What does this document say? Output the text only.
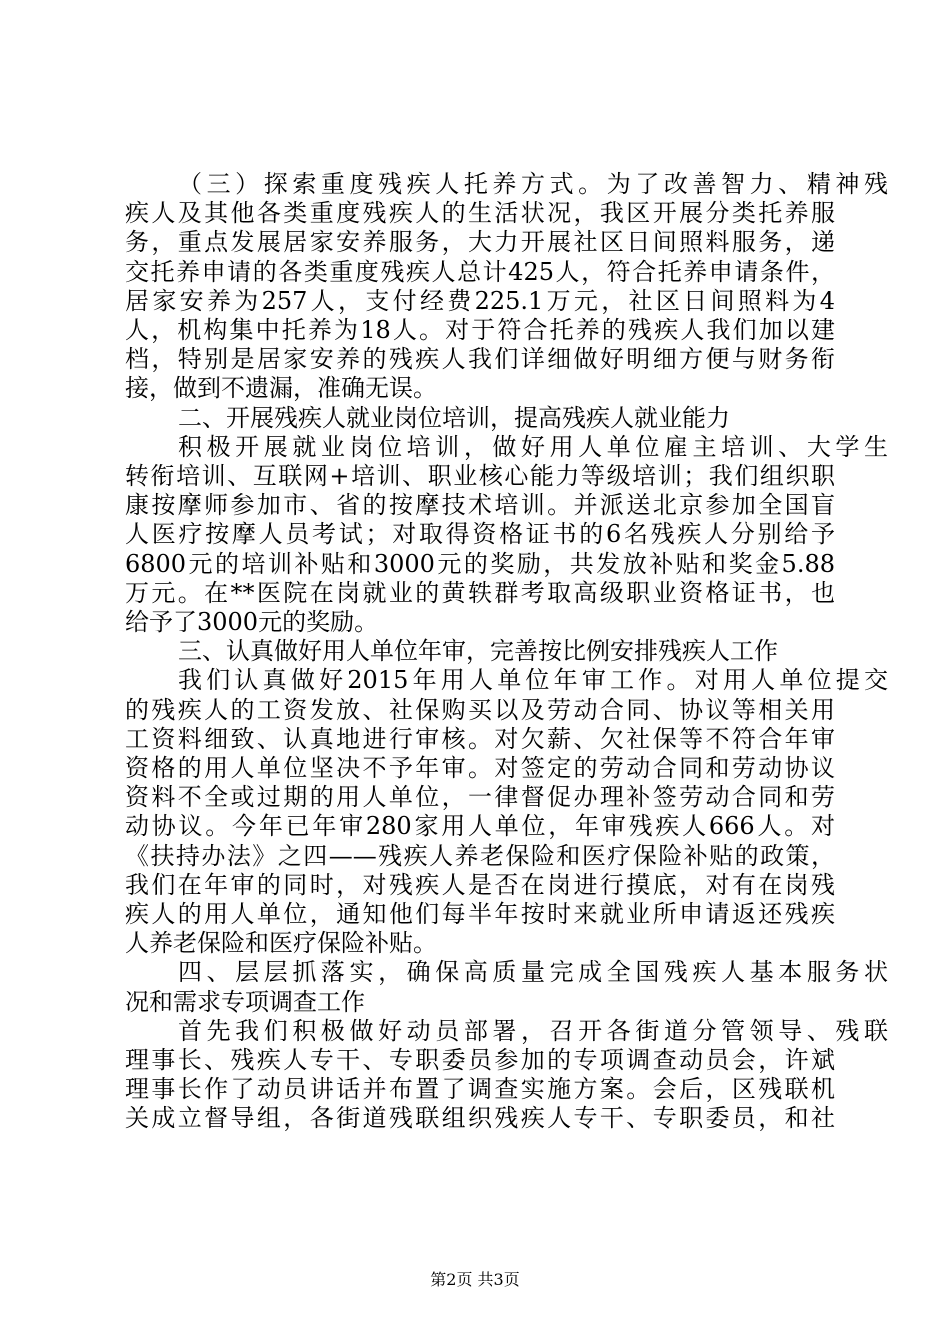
（三）探索重度残疾人托养方式。为了改善智力、精神残
疾人及其他各类重度残疾人的生活状况，我区开展分类托养服
务，重点发展居家安养服务，大力开展社区日间照料服务，递
交托养申请的各类重度残疾人总计425人，符合托养申请条件，
居家安养为257人，支付经费225.1万元，社区日间照料为4
人，机构集中托养为18人。对于符合托养的残疾人我们加以建
档，特别是居家安养的残疾人我们详细做好明细方便与财务衔
接，做到不遗漏，准确无误。
二、开展残疾人就业岗位培训，提高残疾人就业能力
积极开展就业岗位培训，做好用人单位雇主培训、大学生
转衔培训、互联网+培训、职业核心能力等级培训；我们组织职
康按摩师参加市、省的按摩技术培训。并派送北京参加全国盲
人医疗按摩人员考试；对取得资格证书的6名残疾人分别给予
6800元的培训补贴和3000元的奖励，共发放补贴和奖金5.88
万元。在**医院在岗就业的黄轶群考取高级职业资格证书，也
给予了3000元的奖励。
三、认真做好用人单位年审，完善按比例安排残疾人工作
我们认真做好2015年用人单位年审工作。对用人单位提交
的残疾人的工资发放、社保购买以及劳动合同、协议等相关用
工资料细致、认真地进行审核。对欠薪、欠社保等不符合年审
资格的用人单位坚决不予年审。对签定的劳动合同和劳动协议
资料不全或过期的用人单位，一律督促办理补签劳动合同和劳
动协议。今年已年审280家用人单位，年审残疾人666人。对
《扶持办法》之四——残疾人养老保险和医疗保险补贴的政策，
我们在年审的同时，对残疾人是否在岗进行摸底，对有在岗残
疾人的用人单位，通知他们每半年按时来就业所申请返还残疾
人养老保险和医疗保险补贴。
四、层层抓落实，确保高质量完成全国残疾人基本服务状
况和需求专项调查工作
首先我们积极做好动员部署，召开各街道分管领导、残联
理事长、残疾人专干、专职委员参加的专项调查动员会，许斌
理事长作了动员讲话并布置了调查实施方案。会后，区残联机
关成立督导组，各街道残联组织残疾人专干、专职委员，和社
第2页 共3页
